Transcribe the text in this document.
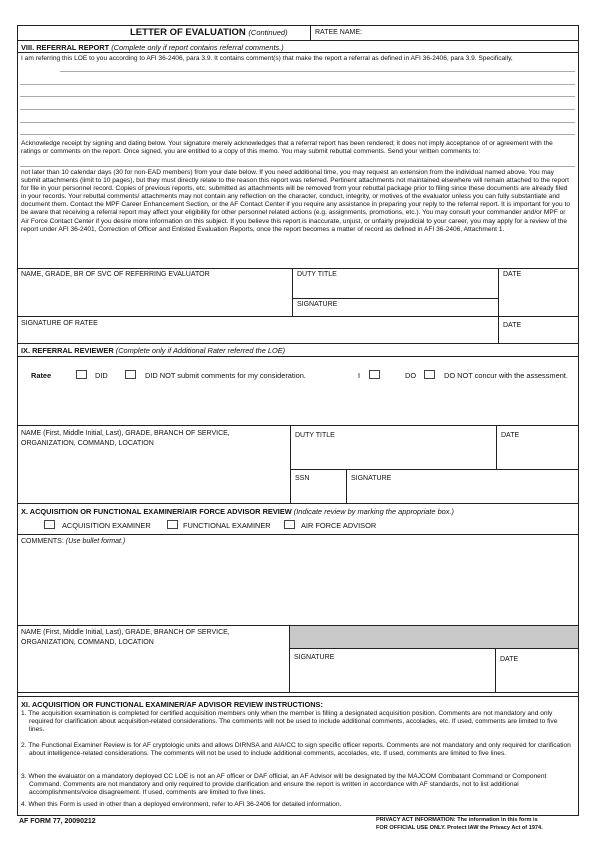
LETTER OF EVALUATION (Continued)	RATEE NAME:
VIII. REFERRAL REPORT (Complete only if report contains referral comments.)
I am referring this LOE to you according to AFI 36-2406, para 3.9. It contains comment(s) that make the report a referral as defined in AFI 36-2406, para 3.9. Specifically,
Acknowledge receipt by signing and dating below. Your signature merely acknowledges that a referral report has been rendered; it does not imply acceptance of or agreement with the ratings or comments on the report. Once signed, you are entitled to a copy of this memo. You may submit rebuttal comments. Send your written comments to:
not later than 10 calendar days (30 for non-EAD members) from your date below. If you need additional time, you may request an extension from the individual named above. You may submit attachments (limit to 10 pages), but they must directly relate to the reason this report was referred. Pertinent attachments not maintained elsewhere will remain attached to the report for file in your personnel record. Copies of previous reports, etc. submitted as attachments will be removed from your rebuttal package prior to filing since these documents are already filed in your records. Your rebuttal comments/ attachments may not contain any reflection on the character, conduct, integrity, or motives of the evaluator unless you can fully substantiate and document them. Contact the MPF Career Enhancement Section, or the AF Contact Center if you require any assistance in preparing your reply to the referral report. It is important for you to be aware that receiving a referral report may affect your eligibility for other personnel related actions (e.g. assignments, promotions, etc.). You may consult your commander and/or MPF or Air Force Contact Center if you desire more information on this subject. If you believe this report is inaccurate, unjust, or unfairly prejudicial to your career, you may apply for a review of the report under AFI 36-2401, Correction of Officer and Enlisted Evaluation Reports, once the report becomes a matter of record as defined in AFI 36-2406, Attachment 1.
NAME, GRADE, BR OF SVC OF REFERRING EVALUATOR	DUTY TITLE	DATE
SIGNATURE
SIGNATURE OF RATEE	DATE
IX. REFERRAL REVIEWER (Complete only if Additional Rater referred the LOE)
Ratee	DID	DID NOT submit comments for my consideration.	I	DO	DO NOT concur with the assessment.
NAME (First, Middle Initial, Last), GRADE, BRANCH OF SERVICE,
ORGANIZATION, COMMAND, LOCATION
DUTY TITLE	DATE
SSN	SIGNATURE
X. ACQUISITION OR FUNCTIONAL EXAMINER/AIR FORCE ADVISOR REVIEW (Indicate review by marking the appropriate box.)
ACQUISITION EXAMINER	FUNCTIONAL EXAMINER	AIR FORCE ADVISOR
COMMENTS: (Use bullet format.)
NAME (First, Middle Initial, Last), GRADE, BRANCH OF SERVICE,
ORGANIZATION, COMMAND, LOCATION
SIGNATURE	DATE
XI. ACQUISITION OR FUNCTIONAL EXAMINER/AF ADVISOR REVIEW INSTRUCTIONS:
1. The acquisition examination is completed for certified acquisition members only when the member is filling a designated acquisition position. Comments are not mandatory and only required for clarification about acquisition-related considerations. The comments will not be used to include additional comments, accolades, etc. If used, comments are limited to five lines.
2. The Functional Examiner Review is for AF cryptologic units and allows DIRNSA and AIA/CC to sign specific officer reports. Comments are not mandatory and only required for clarification about intelligence-related considerations. The comments will not be used to include additional comments, accolades, etc. If used, comments are limited to five lines.
3. When the evaluator on a mandatory deployed CC LOE is not an AF officer or DAF official, an AF Advisor will be designated by the MAJCOM Combatant Command or Component Command. Comments are not mandatory and only required to provide clarification and ensure the report is written in accordance with AF standards, not to list additional accomplishments/voice disagreement. If used, comments are limited to five lines.
4. When this Form is used in other than a deployed environment, refer to AFI 36-2406 for detailed information.
AF FORM 77, 20090212	PRIVACY ACT INFORMATION: The information in this form is
FOR OFFICIAL USE ONLY. Protect IAW the Privacy Act of 1974.
